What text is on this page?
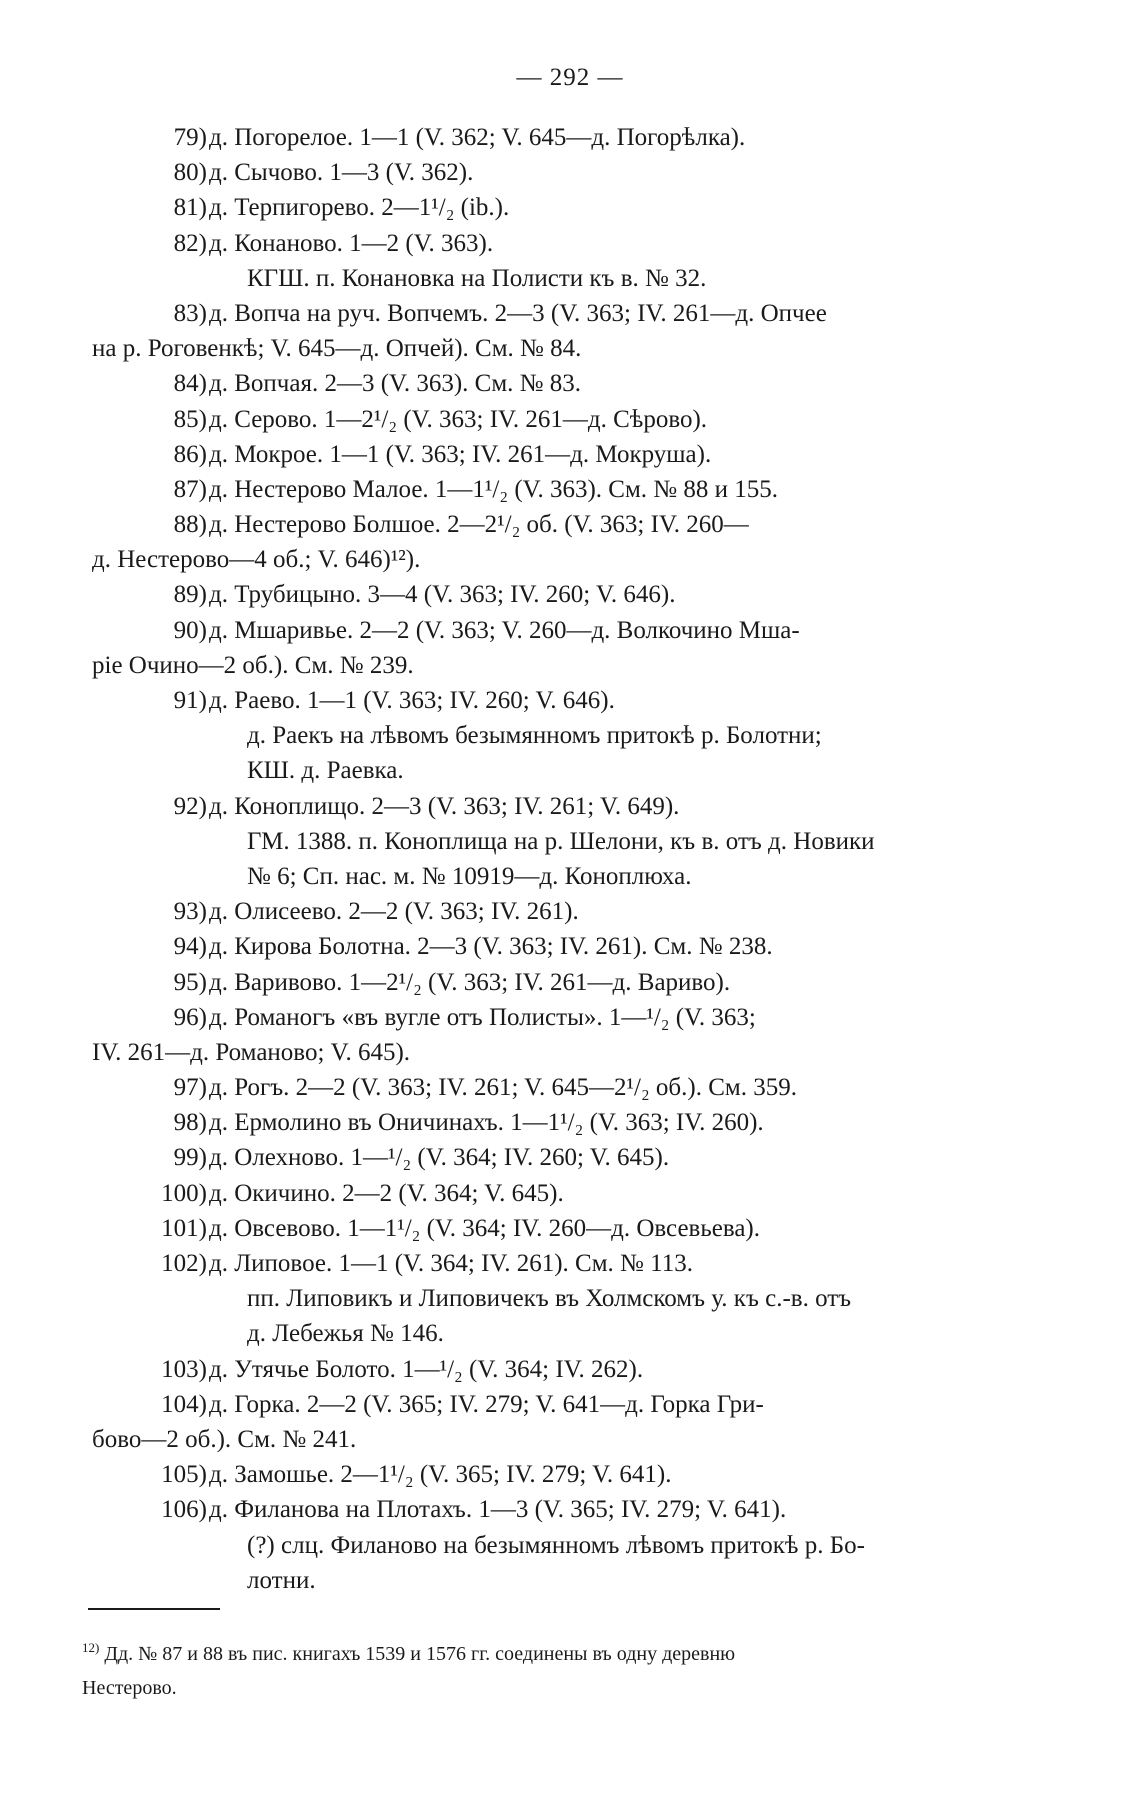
— 292 —
79) д. Погорелое. 1—1 (V. 362; V. 645—д. Погорѣлка).
80) д. Сычово. 1—3 (V. 362).
81) д. Терпигорево. 2—1¹/₂ (ib.).
82) д. Конаново. 1—2 (V. 363).
КГШ. п. Конановка на Полисти къ в. № 32.
83) д. Вопча на руч. Вопчемъ. 2—3 (V. 363; IV. 261—д. Опчее
на р. Роговенкѣ; V. 645—д. Опчей). См. № 84.
84) д. Вопчая. 2—3 (V. 363). См. № 83.
85) д. Серово. 1—2¹/₂ (V. 363; IV. 261—д. Сѣрово).
86) д. Мокрое. 1—1 (V. 363; IV. 261—д. Мокруша).
87) д. Нестерово Малое. 1—1¹/₂ (V. 363). См. № 88 и 155.
88) д. Нестерово Болшое. 2—2¹/₂ об. (V. 363; IV. 260—
д. Нестерово—4 об.; V. 646)¹²).
89) д. Трубицыно. 3—4 (V. 363; IV. 260; V. 646).
90) д. Мшаривье. 2—2 (V. 363; V. 260—д. Волкочино Мша-
ріе Очино—2 об.). См. № 239.
91) д. Раево. 1—1 (V. 363; IV. 260; V. 646).
д. Раекъ на лѣвомъ безымянномъ притокѣ р. Болотни;
КШ. д. Раевка.
92) д. Коноплищо. 2—3 (V. 363; IV. 261; V. 649).
ГМ. 1388. п. Коноплища на р. Шелони, къ в. отъ д. Новики
№ 6; Сп. нас. м. № 10919—д. Коноплюха.
93) д. Олисеево. 2—2 (V. 363; IV. 261).
94) д. Кирова Болотна. 2—3 (V. 363; IV. 261). См. № 238.
95) д. Варивово. 1—2¹/₂ (V. 363; IV. 261—д. Вариво).
96) д. Романогъ «въ вугле отъ Полисты». 1—¹/₂ (V. 363;
IV. 261—д. Романово; V. 645).
97) д. Рогъ. 2—2 (V. 363; IV. 261; V. 645—2¹/₂ об.). См. 359.
98) д. Ермолино въ Оничинахъ. 1—1¹/₂ (V. 363; IV. 260).
99) д. Олехново. 1—¹/₂ (V. 364; IV. 260; V. 645).
100) д. Окичино. 2—2 (V. 364; V. 645).
101) д. Овсевово. 1—1¹/₂ (V. 364; IV. 260—д. Овсевьева).
102) д. Липовое. 1—1 (V. 364; IV. 261). См. № 113.
пп. Липовикъ и Липовичекъ въ Холмскомъ у. къ с.-в. отъ
д. Лебежья № 146.
103) д. Утячье Болото. 1—¹/₂ (V. 364; IV. 262).
104) д. Горка. 2—2 (V. 365; IV. 279; V. 641—д. Горка Гри-
бово—2 об.). См. № 241.
105) д. Замошье. 2—1¹/₂ (V. 365; IV. 279; V. 641).
106) д. Филанова на Плотахъ. 1—3 (V. 365; IV. 279; V. 641).
(?) слц. Филаново на безымянномъ лѣвомъ притокѣ р. Бо-
лотни.
$^{12)}$ Дд. № 87 и 88 въ пис. книгахъ 1539 и 1576 гг. соединены въ одну деревню
Нестерово.
